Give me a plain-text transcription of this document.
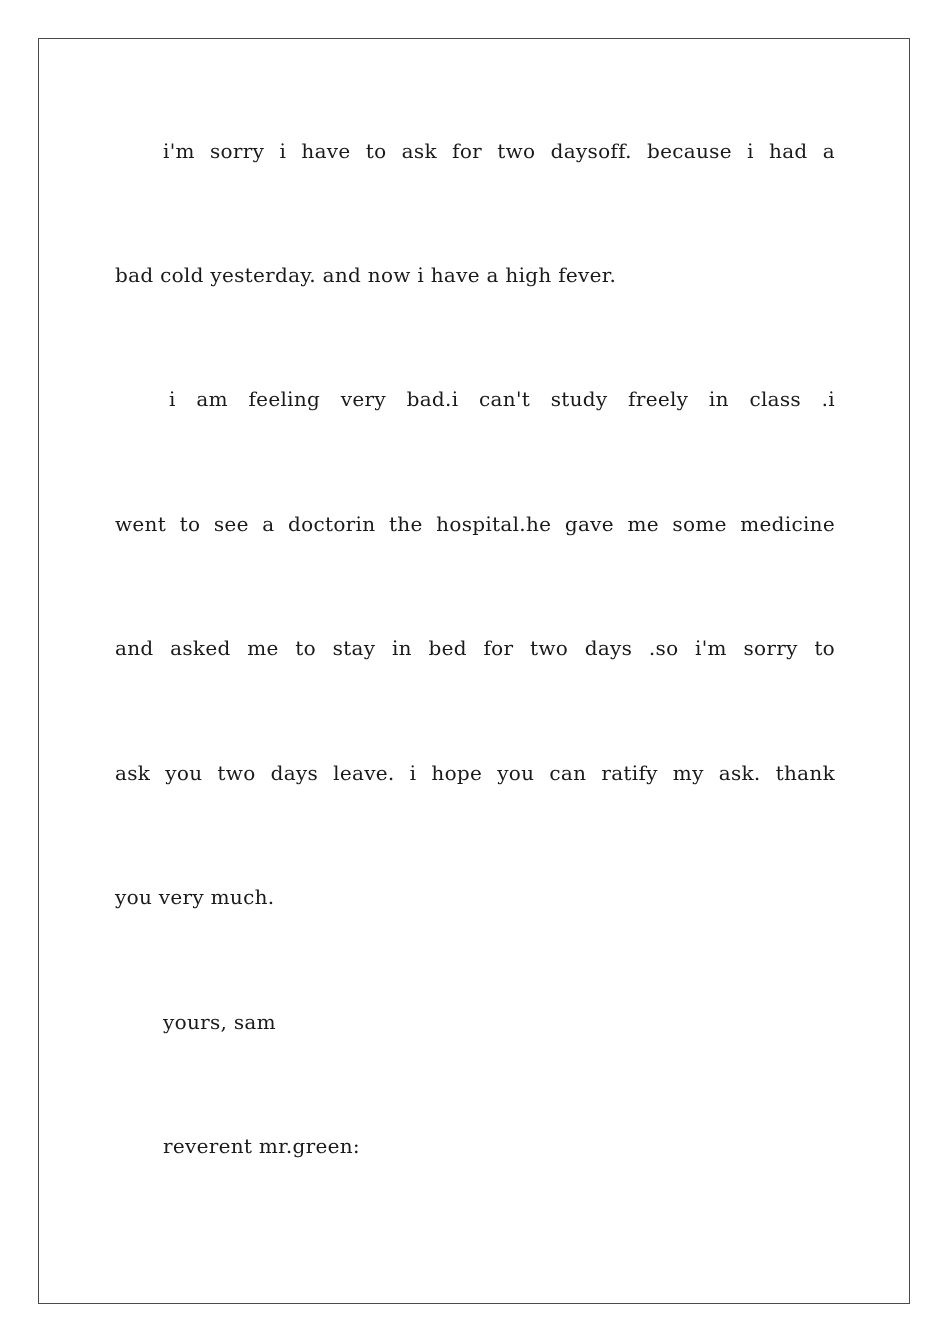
i'm sorry i have to ask for two daysoff. because i had a
bad cold yesterday. and now i have a high fever.
i am feeling very bad.i can't study freely in class .i
went to see a doctorin the hospital.he gave me some medicine
and asked me to stay in bed for two days .so i'm sorry to
ask you two days leave. i hope you can ratify my ask. thank
you very much.
yours, sam
reverent mr.green:
